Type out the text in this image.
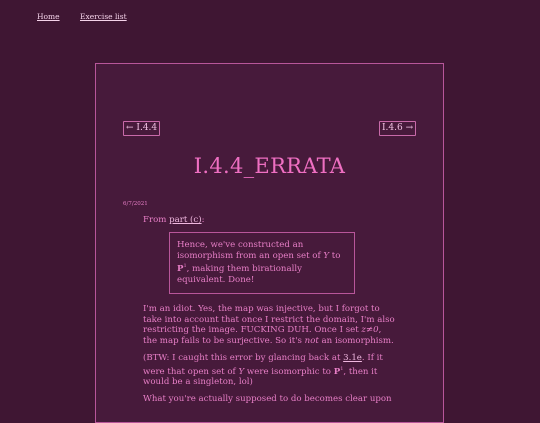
Home	Exercise list
← I.4.4	I.4.6 →
I.4.4_ERRATA
6/7/2021

From part (c):

Hence, we've constructed an isomorphism from an open set of Y to $P^1$, making them birationally equivalent. Done!

I'm an idiot. Yes, the map was injective, but I forgot to take into account that once I restrict the domain, I'm also restricting the image. FUCKING DUH. Once I set z≠0, the map fails to be surjective. So it's not an isomorphism.

(BTW: I caught this error by glancing back at 3.1e. If it were that open set of Y were isomorphic to $P^1$, then it would be a singleton, lol)

What you're actually supposed to do becomes clear upon
